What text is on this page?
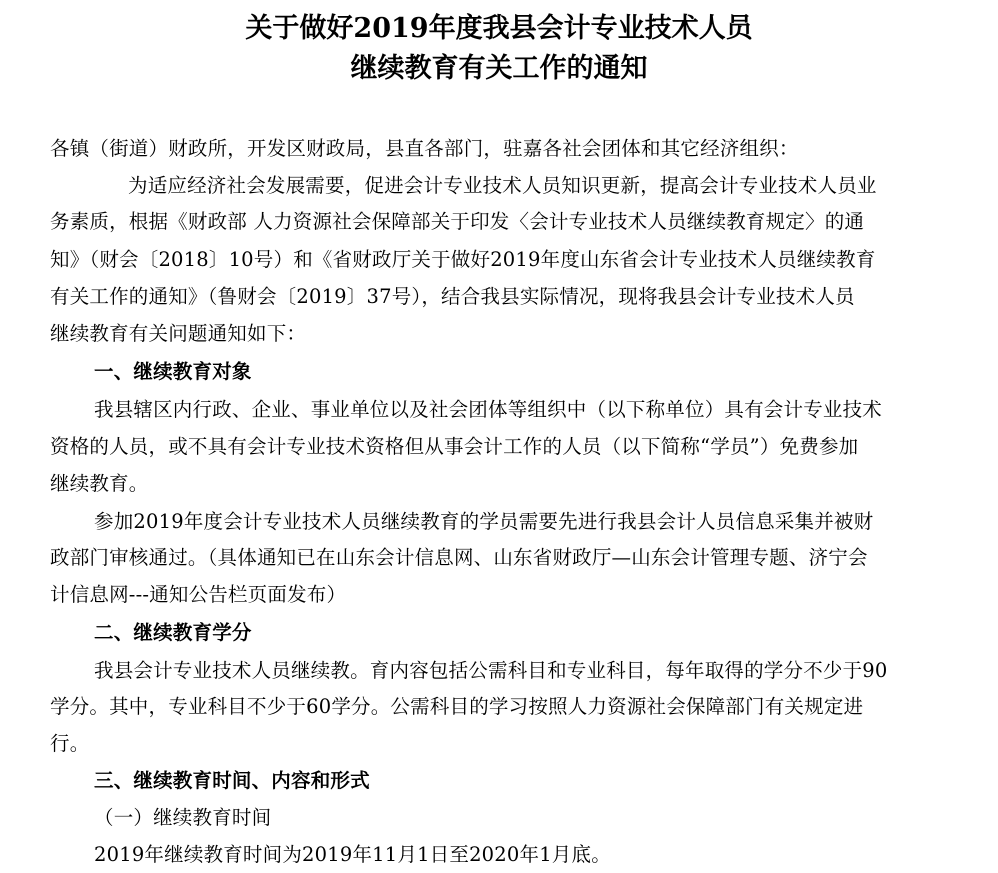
关于做好2019年度我县会计专业技术人员
继续教育有关工作的通知
各镇（街道）财政所，开发区财政局，县直各部门，驻嘉各社会团体和其它经济组织：
为适应经济社会发展需要，促进会计专业技术人员知识更新，提高会计专业技术人员业
务素质，根据《财政部 人力资源社会保障部关于印发〈会计专业技术人员继续教育规定〉的通
知》（财会〔2018〕10号）和《省财政厅关于做好2019年度山东省会计专业技术人员继续教育
有关工作的通知》（鲁财会〔2019〕37号），结合我县实际情况，现将我县会计专业技术人员
继续教育有关问题通知如下：
一、继续教育对象
我县辖区内行政、企业、事业单位以及社会团体等组织中（以下称单位）具有会计专业技术
资格的人员，或不具有会计专业技术资格但从事会计工作的人员（以下简称“学员”）免费参加
继续教育。
参加2019年度会计专业技术人员继续教育的学员需要先进行我县会计人员信息采集并被财
政部门审核通过。（具体通知已在山东会计信息网、山东省财政厅—山东会计管理专题、济宁会
计信息网---通知公告栏页面发布）
二、继续教育学分
我县会计专业技术人员继续教。育内容包括公需科目和专业科目，每年取得的学分不少于90
学分。其中，专业科目不少于60学分。公需科目的学习按照人力资源社会保障部门有关规定进
行。
三、继续教育时间、内容和形式
（一）继续教育时间
2019年继续教育时间为2019年11月1日至2020年1月底。
